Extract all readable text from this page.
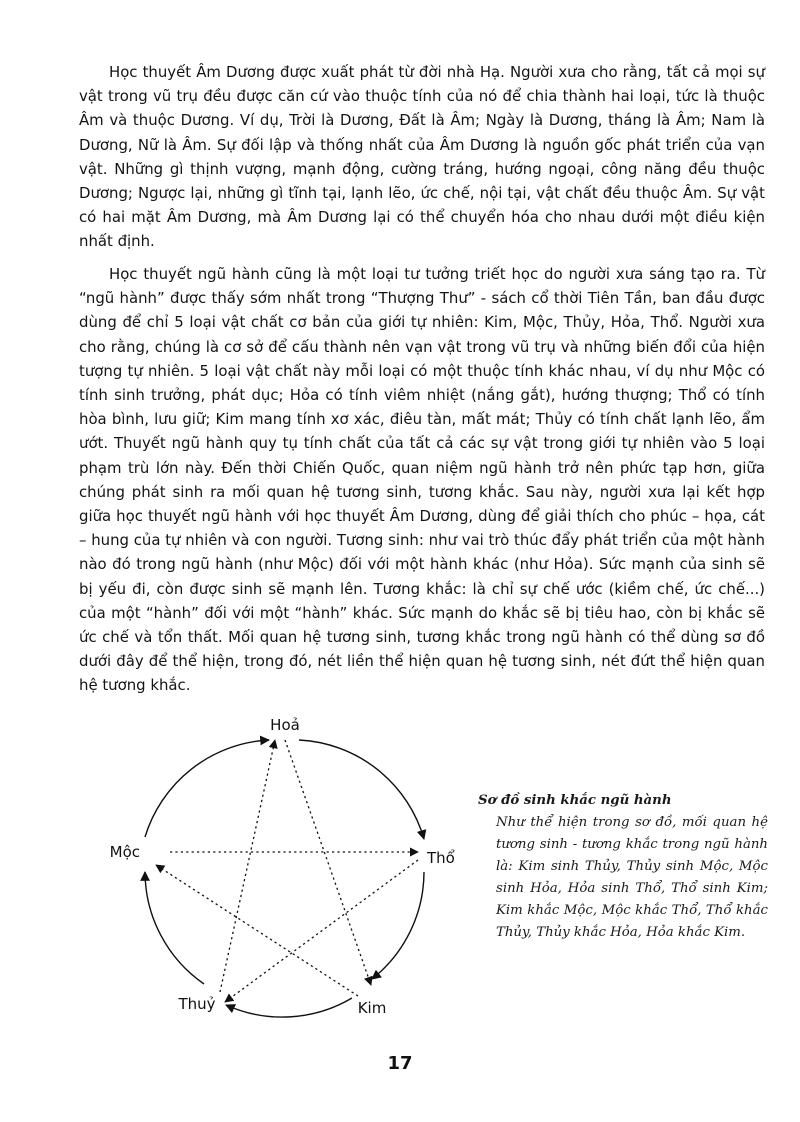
Học thuyết Âm Dương được xuất phát từ đời nhà Hạ. Người xưa cho rằng, tất cả mọi sự vật trong vũ trụ đều được căn cứ vào thuộc tính của nó để chia thành hai loại, tức là thuộc Âm và thuộc Dương. Ví dụ, Trời là Dương, Đất là Âm; Ngày là Dương, tháng là Âm; Nam là Dương, Nữ là Âm. Sự đối lập và thống nhất của Âm Dương là nguồn gốc phát triển của vạn vật. Những gì thịnh vượng, mạnh động, cường tráng, hướng ngoại, công năng đều thuộc Dương; Ngược lại, những gì tĩnh tại, lạnh lẽo, ức chế, nội tại, vật chất đều thuộc Âm. Sự vật có hai mặt Âm Dương, mà Âm Dương lại có thể chuyển hóa cho nhau dưới một điều kiện nhất định.

Học thuyết ngũ hành cũng là một loại tư tưởng triết học do người xưa sáng tạo ra. Từ “ngũ hành” được thấy sớm nhất trong “Thượng Thư” - sách cổ thời Tiên Tần, ban đầu được dùng để chỉ 5 loại vật chất cơ bản của giới tự nhiên: Kim, Mộc, Thủy, Hỏa, Thổ. Người xưa cho rằng, chúng là cơ sở để cấu thành nên vạn vật trong vũ trụ và những biến đổi của hiện tượng tự nhiên. 5 loại vật chất này mỗi loại có một thuộc tính khác nhau, ví dụ như Mộc có tính sinh trưởng, phát dục; Hỏa có tính viêm nhiệt (nắng gắt), hướng thượng; Thổ có tính hòa bình, lưu giữ; Kim mang tính xơ xác, điêu tàn, mất mát; Thủy có tính chất lạnh lẽo, ẩm ướt. Thuyết ngũ hành quy tụ tính chất của tất cả các sự vật trong giới tự nhiên vào 5 loại phạm trù lớn này. Đến thời Chiến Quốc, quan niệm ngũ hành trở nên phức tạp hơn, giữa chúng phát sinh ra mối quan hệ tương sinh, tương khắc. Sau này, người xưa lại kết hợp giữa học thuyết ngũ hành với học thuyết Âm Dương, dùng để giải thích cho phúc – họa, cát – hung của tự nhiên và con người. Tương sinh: như vai trò thúc đẩy phát triển của một hành nào đó trong ngũ hành (như Mộc) đối với một hành khác (như Hỏa). Sức mạnh của sinh sẽ bị yếu đi, còn được sinh sẽ mạnh lên. Tương khắc: là chỉ sự chế ước (kiềm chế, ức chế...) của một “hành” đối với một “hành” khác. Sức mạnh do khắc sẽ bị tiêu hao, còn bị khắc sẽ ức chế và tổn thất. Mối quan hệ tương sinh, tương khắc trong ngũ hành có thể dùng sơ đồ dưới đây để thể hiện, trong đó, nét liền thể hiện quan hệ tương sinh, nét đứt thể hiện quan hệ tương khắc.

Hoả
Thổ
Kim
Thuỷ
Mộc

Sơ đồ sinh khắc ngũ hành

Như thể hiện trong sơ đồ, mối quan hệ tương sinh - tương khắc trong ngũ hành là: Kim sinh Thủy, Thủy sinh Mộc, Mộc sinh Hỏa, Hỏa sinh Thổ, Thổ sinh Kim; Kim khắc Mộc, Mộc khắc Thổ, Thổ khắc Thủy, Thủy khắc Hỏa, Hỏa khắc Kim.

17
